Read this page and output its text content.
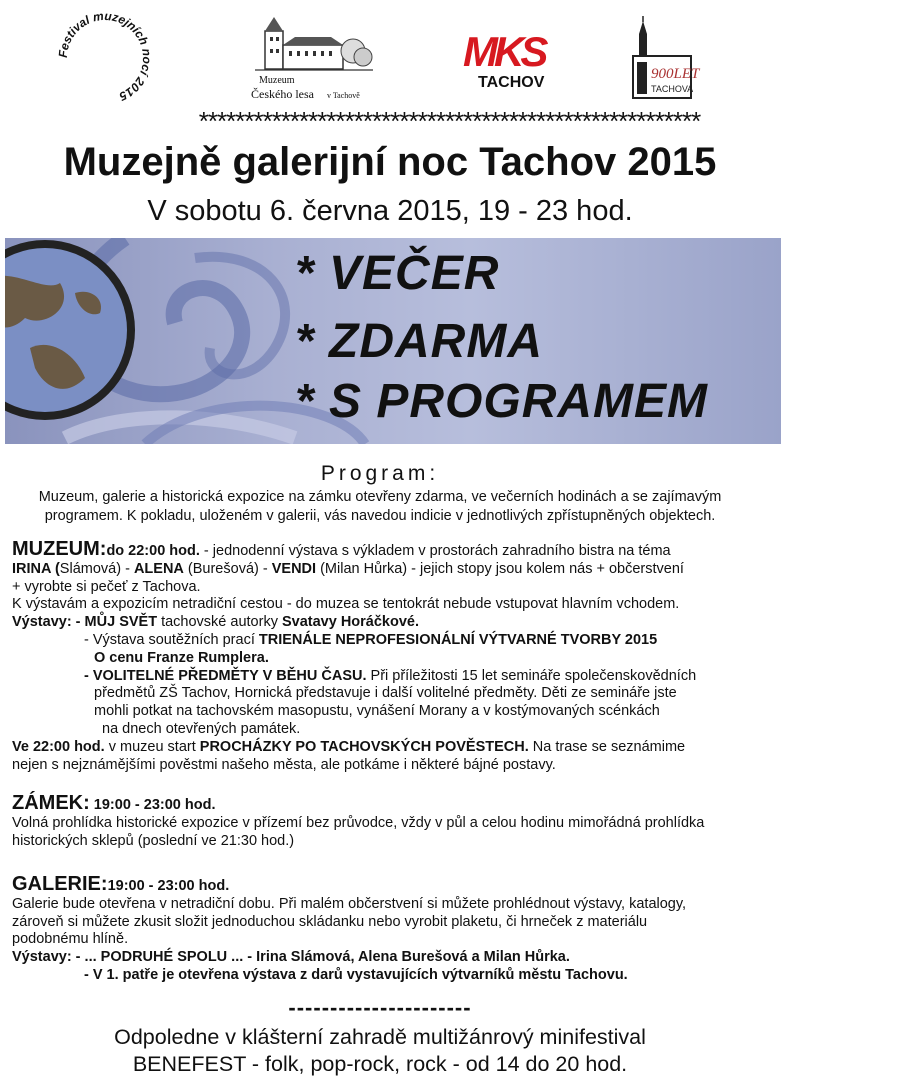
Festival muzejních nocí 2015
Muzeum
Českého lesa v Tachově
MKS
TACHOV	900LET
TACHOVA
*******************************************************
Muzejně galerijní noc Tachov 2015
V sobotu 6. června 2015, 19 - 23 hod.
* VEČER
* ZDARMA
* S PROGRAMEM
Program:
Muzeum, galerie a historická expozice na zámku otevřeny zdarma, ve večerních hodinách a se zajímavým
programem. K pokladu, uloženém v galerii, vás navedou indicie v jednotlivých zpřístupněných objektech.

MUZEUM:do 22:00 hod. - jednodenní výstava s výkladem v prostorách zahradního bistra na téma

IRINA (Slámová) - ALENA (Burešová) - VENDI (Milan Hůrka) - jejich stopy jsou kolem nás + občerstvení

+ vyrobte si pečeť z Tachova.

K výstavám a expozicím netradiční cestou - do muzea se tentokrát nebude vstupovat hlavním vchodem.

Výstavy: - MŮJ SVĚT tachovské autorky Svatavy Horáčkové.

- Výstava soutěžních prací TRIENÁLE NEPROFESIONÁLNÍ VÝTVARNÉ TVORBY 2015

O cenu Franze Rumplera.

- VOLITELNÉ PŘEDMĚTY V BĚHU ČASU. Při příležitosti 15 let semináře společenskovědních

předmětů ZŠ Tachov, Hornická představuje i další volitelné předměty. Děti ze semináře jste

mohli potkat na tachovském masopustu, vynášení Morany a v kostýmovaných scénkách

na dnech otevřených památek.

Ve 22:00 hod. v muzeu start PROCHÁZKY PO TACHOVSKÝCH POVĚSTECH. Na trase se seznámime

nejen s nejznámějšími pověstmi našeho města, ale potkáme i některé bájné postavy.

ZÁMEK: 19:00 - 23:00 hod.

Volná prohlídka historické expozice v přízemí bez průvodce, vždy v půl a celou hodinu mimořádná prohlídka

historických sklepů (poslední ve 21:30 hod.)

GALERIE:19:00 - 23:00 hod.

Galerie bude otevřena v netradiční dobu. Při malém občerstvení si můžete prohlédnout výstavy, katalogy,

zároveň si můžete zkusit složit jednoduchou skládanku nebo vyrobit plaketu, či hrneček z materiálu

podobnému hlíně.

Výstavy: - ... PODRUHÉ SPOLU ... - Irina Slámová, Alena Burešová a Milan Hůrka.

- V 1. patře je otevřena výstava z darů vystavujících výtvarníků městu Tachovu.

----------------------
Odpoledne v klášterní zahradě multižánrový minifestival
BENEFEST - folk, pop-rock, rock - od 14 do 20 hod.
